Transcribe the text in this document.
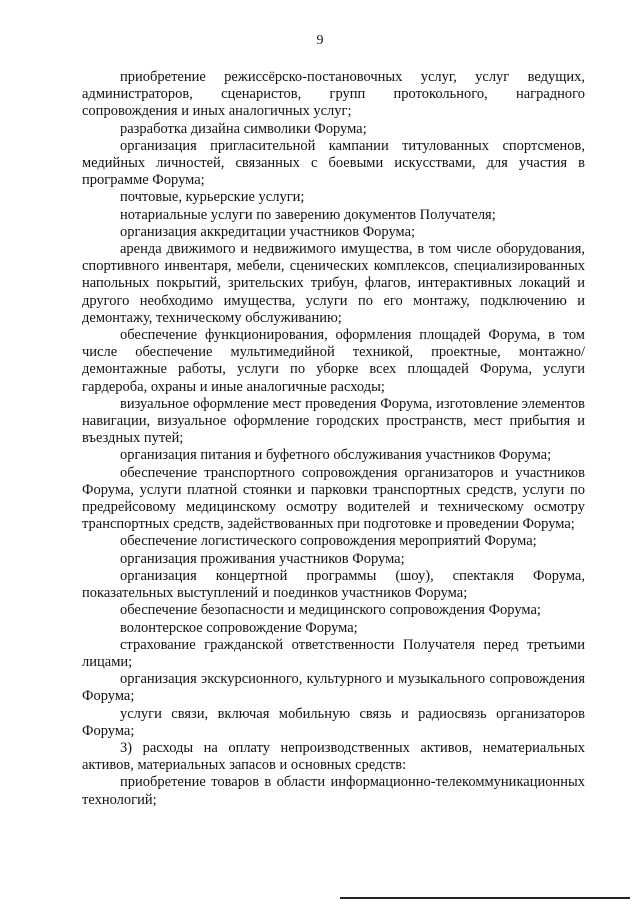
9

приобретение режиссёрско-постановочных услуг, услуг ведущих, администраторов, сценаристов, групп протокольного, наградного сопровождения и иных аналогичных услуг;

разработка дизайна символики Форума;

организация пригласительной кампании титулованных спортсменов, медийных личностей, связанных с боевыми искусствами, для участия в программе Форума;

почтовые, курьерские услуги;

нотариальные услуги по заверению документов Получателя;

организация аккредитации участников Форума;

аренда движимого и недвижимого имущества, в том числе оборудования, спортивного инвентаря, мебели, сценических комплексов, специализированных напольных покрытий, зрительских трибун, флагов, интерактивных локаций и другого необходимо имущества, услуги по его монтажу, подключению и демонтажу, техническому обслуживанию;

обеспечение функционирования, оформления площадей Форума, в том числе обеспечение мультимедийной техникой, проектные, монтажно/демонтажные работы, услуги по уборке всех площадей Форума, услуги гардероба, охраны и иные аналогичные расходы;

визуальное оформление мест проведения Форума, изготовление элементов навигации, визуальное оформление городских пространств, мест прибытия и въездных путей;

организация питания и буфетного обслуживания участников Форума;

обеспечение транспортного сопровождения организаторов и участников Форума, услуги платной стоянки и парковки транспортных средств, услуги по предрейсовому медицинскому осмотру водителей и техническому осмотру транспортных средств, задействованных при подготовке и проведении Форума;

обеспечение логистического сопровождения мероприятий Форума;

организация проживания участников Форума;

организация концертной программы (шоу), спектакля Форума, показательных выступлений и поединков участников Форума;

обеспечение безопасности и медицинского сопровождения Форума;

волонтерское сопровождение Форума;

страхование гражданской ответственности Получателя перед третьими лицами;

организация экскурсионного, культурного и музыкального сопровождения Форума;

услуги связи, включая мобильную связь и радиосвязь организаторов Форума;

3) расходы на оплату непроизводственных активов, нематериальных активов, материальных запасов и основных средств:

приобретение товаров в области информационно-телекоммуникационных технологий;
